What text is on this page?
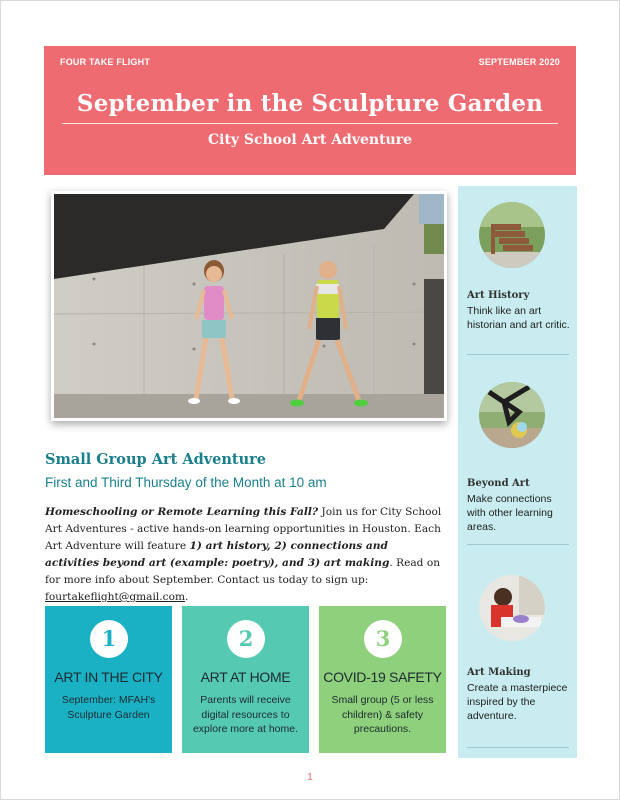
FOUR TAKE FLIGHT	SEPTEMBER 2020
September in the Sculpture Garden
City School Art Adventure
Small Group Art Adventure
First and Third Thursday of the Month at 10 am
Homeschooling or Remote Learning this Fall? Join us for City School Art Adventures - active hands-on learning opportunities in Houston. Each Art Adventure will feature 1) art history, 2) connections and activities beyond art (example: poetry), and 3) art making. Read on for more info about September. Contact us today to sign up: fourtakeflight@gmail.com.
1
ART IN THE CITY
September: MFAH's Sculpture Garden
2
ART AT HOME
Parents will receive digital resources to explore more at home.
3
COVID-19 SAFETY
Small group (5 or less children) & safety precautions.
Art History
Think like an art historian and art critic.
Beyond Art
Make connections with other learning areas.
Art Making
Create a masterpiece inspired by the adventure.
1
